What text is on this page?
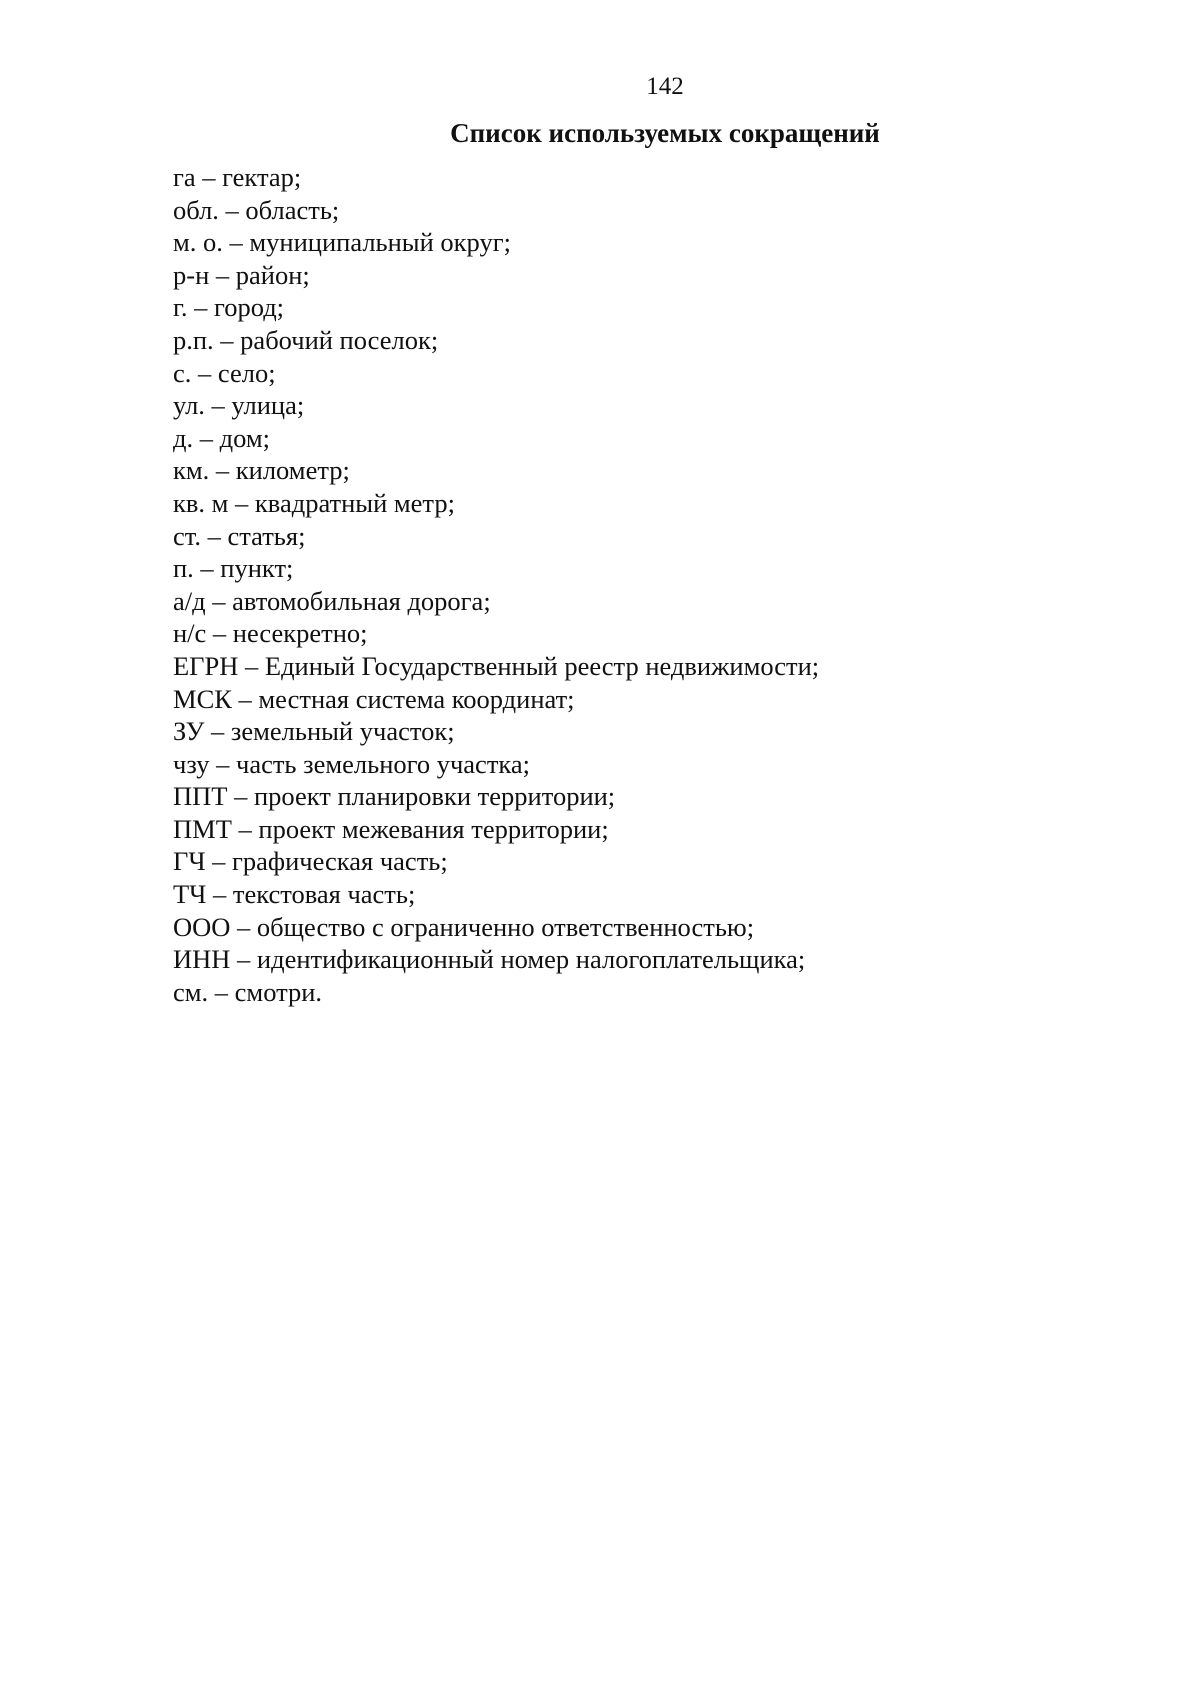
142
Список используемых сокращений
га – гектар;
обл. – область;
м. о. – муниципальный округ;
р-н – район;
г. – город;
р.п. – рабочий поселок;
с. – село;
ул. – улица;
д. – дом;
км. – километр;
кв. м – квадратный метр;
ст. – статья;
п. – пункт;
а/д – автомобильная дорога;
н/с – несекретно;
ЕГРН – Единый Государственный реестр недвижимости;
МСК – местная система координат;
ЗУ – земельный участок;
чзу – часть земельного участка;
ППТ – проект планировки территории;
ПМТ – проект межевания территории;
ГЧ – графическая часть;
ТЧ – текстовая часть;
ООО – общество с ограниченно ответственностью;
ИНН – идентификационный номер налогоплательщика;
см. – смотри.
